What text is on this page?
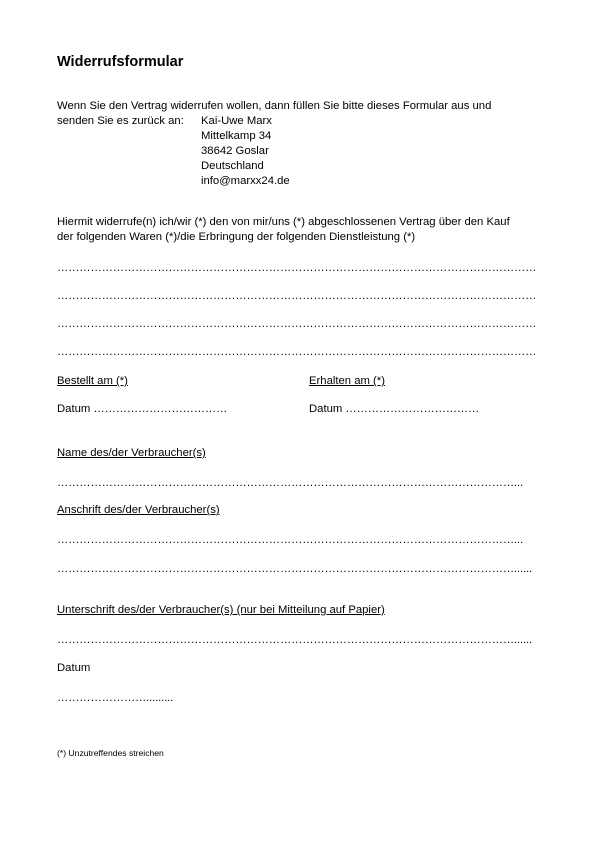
Widerrufsformular
Wenn Sie den Vertrag widerrufen wollen, dann füllen Sie bitte dieses Formular aus und
senden Sie es zurück an: Kai-Uwe Marx
Mittelkamp 34
38642 Goslar
Deutschland
info@marxx24.de
Hiermit widerrufe(n) ich/wir (*) den von mir/uns (*) abgeschlossenen Vertrag über den Kauf
der folgenden Waren (*)/die Erbringung der folgenden Dienstleistung (*)
…………………………………………………………………………………………………………………
…………………………………………………………………………………………………………………
…………………………………………………………………………………………………………………
…………………………………………………………………………………………………………………
Bestellt am (*)	Erhalten am (*)
Datum ………………………………	Datum ………………………………
Name des/der Verbraucher(s)
……………………………………………………………………………………………………………...
Anschrift des/der Verbraucher(s)
……………………………………………………………………………………………………………...
……………………………………………………………………………………………………………......
Unterschrift des/der Verbraucher(s) (nur bei Mitteilung auf Papier)
……………………………………………………………………………………………………………......
Datum
…………………….........
(*) Unzutreffendes streichen
